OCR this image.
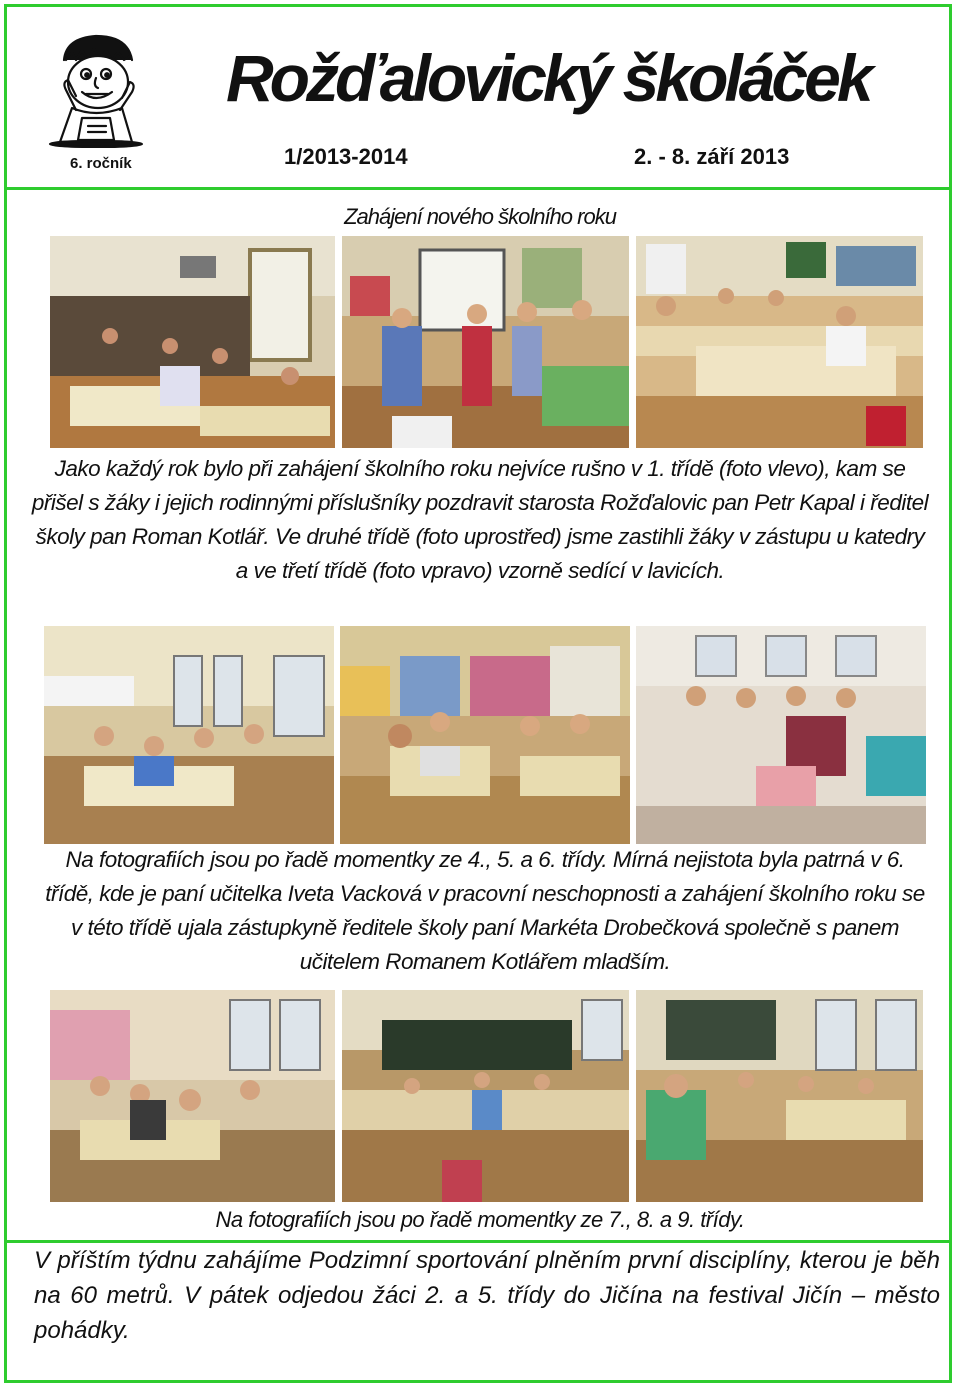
Rožďalovický školáček
6. ročník	1/2013-2014	2. - 8. září 2013
Zahájení nového školního roku

Jako každý rok bylo při zahájení školního roku nejvíce rušno v 1. třídě (foto vlevo), kam se přišel s žáky i jejich rodinnými příslušníky pozdravit starosta Rožďalovic pan Petr Kapal i ředitel školy pan Roman Kotlář. Ve druhé třídě (foto uprostřed) jsme zastihli žáky v zástupu u katedry a ve třetí třídě (foto vpravo) vzorně sedící v lavicích.

Na fotografiích jsou po řadě momentky ze 4., 5. a 6. třídy. Mírná nejistota byla patrná v 6. třídě, kde je paní učitelka Iveta Vacková v pracovní neschopnosti a zahájení školního roku se v této třídě ujala zástupkyně ředitele školy paní Markéta Drobečková společně s panem učitelem Romanem Kotlářem mladším.

Na fotografiích jsou po řadě momentky ze 7., 8. a 9. třídy.

V příštím týdnu zahájíme Podzimní sportování plněním první disciplíny, kterou je běh na 60 metrů. V pátek odjedou žáci 2. a 5. třídy do Jičína na festival Jičín – město pohádky.
